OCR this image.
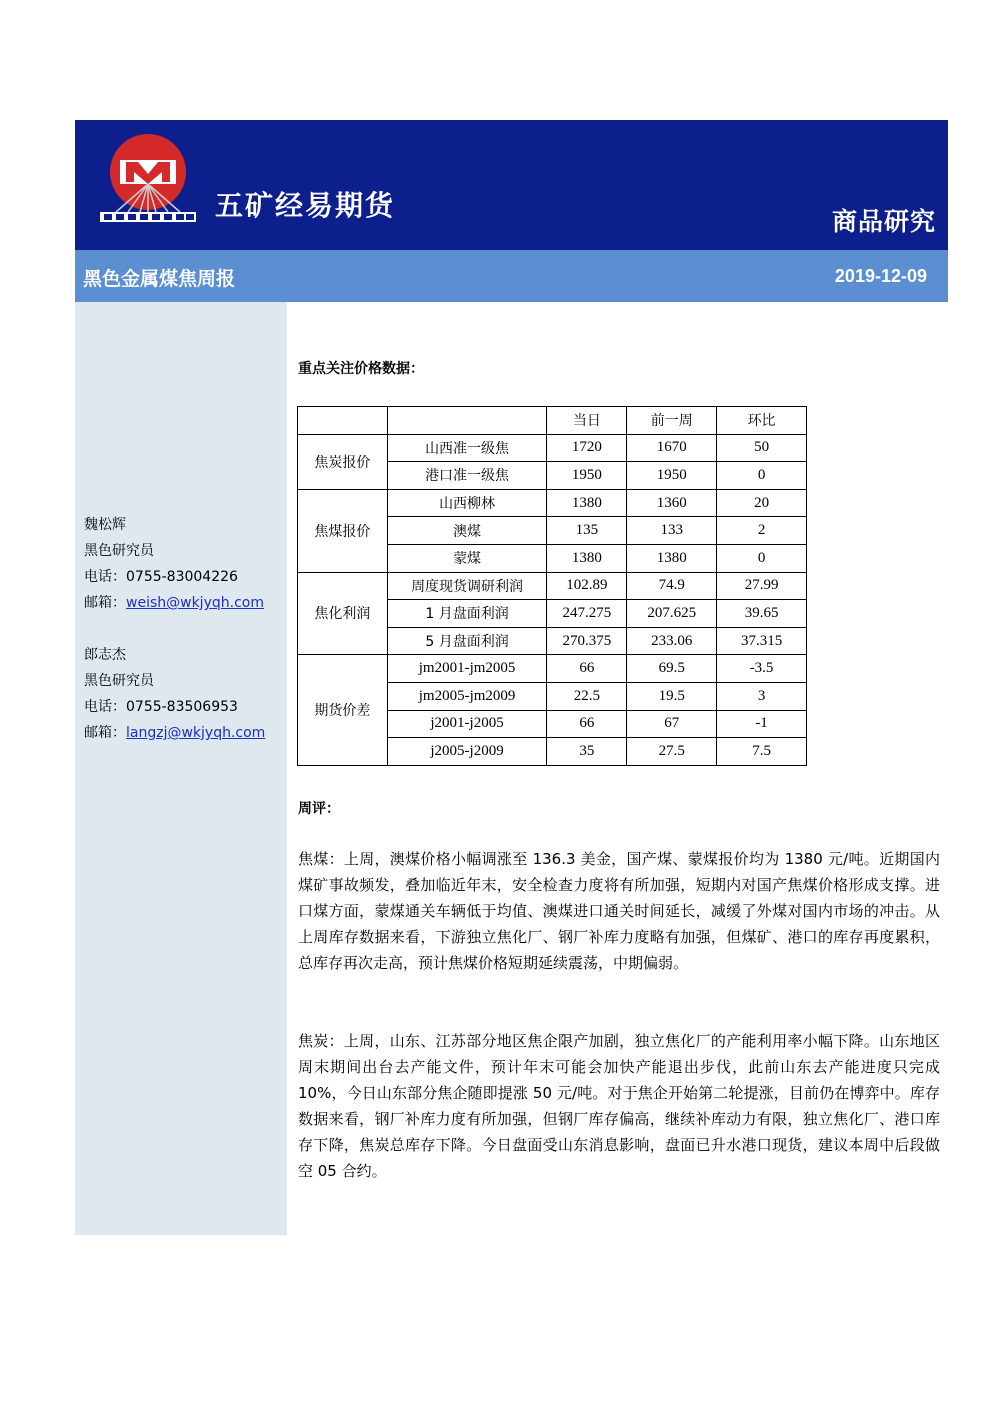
五矿经易期货	商品研究
黑色金属煤焦周报	2019-12-09
魏松辉
黑色研究员
电话：0755-83004226
邮箱：weish@wkjyqh.com
郎志杰
黑色研究员
电话：0755-83506953
邮箱：langzj@wkjyqh.com
重点关注价格数据：
		当日	前一周	环比
焦炭报价	山西准一级焦	1720	1670	50
	港口准一级焦	1950	1950	0
焦煤报价	山西柳林	1380	1360	20
	澳煤	135	133	2
	蒙煤	1380	1380	0
焦化利润	周度现货调研利润	102.89	74.9	27.99
	1 月盘面利润	247.275	207.625	39.65
	5 月盘面利润	270.375	233.06	37.315
期货价差	jm2001-jm2005	66	69.5	-3.5
	jm2005-jm2009	22.5	19.5	3
	j2001-j2005	66	67	-1
	j2005-j2009	35	27.5	7.5
周评：

焦煤：上周，澳煤价格小幅调涨至 136.3 美金，国产煤、蒙煤报价均为 1380 元/吨。近期国内煤矿事故频发，叠加临近年末，安全检查力度将有所加强，短期内对国产焦煤价格形成支撑。进口煤方面，蒙煤通关车辆低于均值、澳煤进口通关时间延长，减缓了外煤对国内市场的冲击。从上周库存数据来看，下游独立焦化厂、钢厂补库力度略有加强，但煤矿、港口的库存再度累积，总库存再次走高，预计焦煤价格短期延续震荡，中期偏弱。

焦炭：上周，山东、江苏部分地区焦企限产加剧，独立焦化厂的产能利用率小幅下降。山东地区周末期间出台去产能文件，预计年末可能会加快产能退出步伐，此前山东去产能进度只完成 10%，今日山东部分焦企随即提涨 50 元/吨。对于焦企开始第二轮提涨，目前仍在博弈中。库存数据来看，钢厂补库力度有所加强，但钢厂库存偏高，继续补库动力有限，独立焦化厂、港口库存下降，焦炭总库存下降。今日盘面受山东消息影响，盘面已升水港口现货，建议本周中后段做空 05 合约。
